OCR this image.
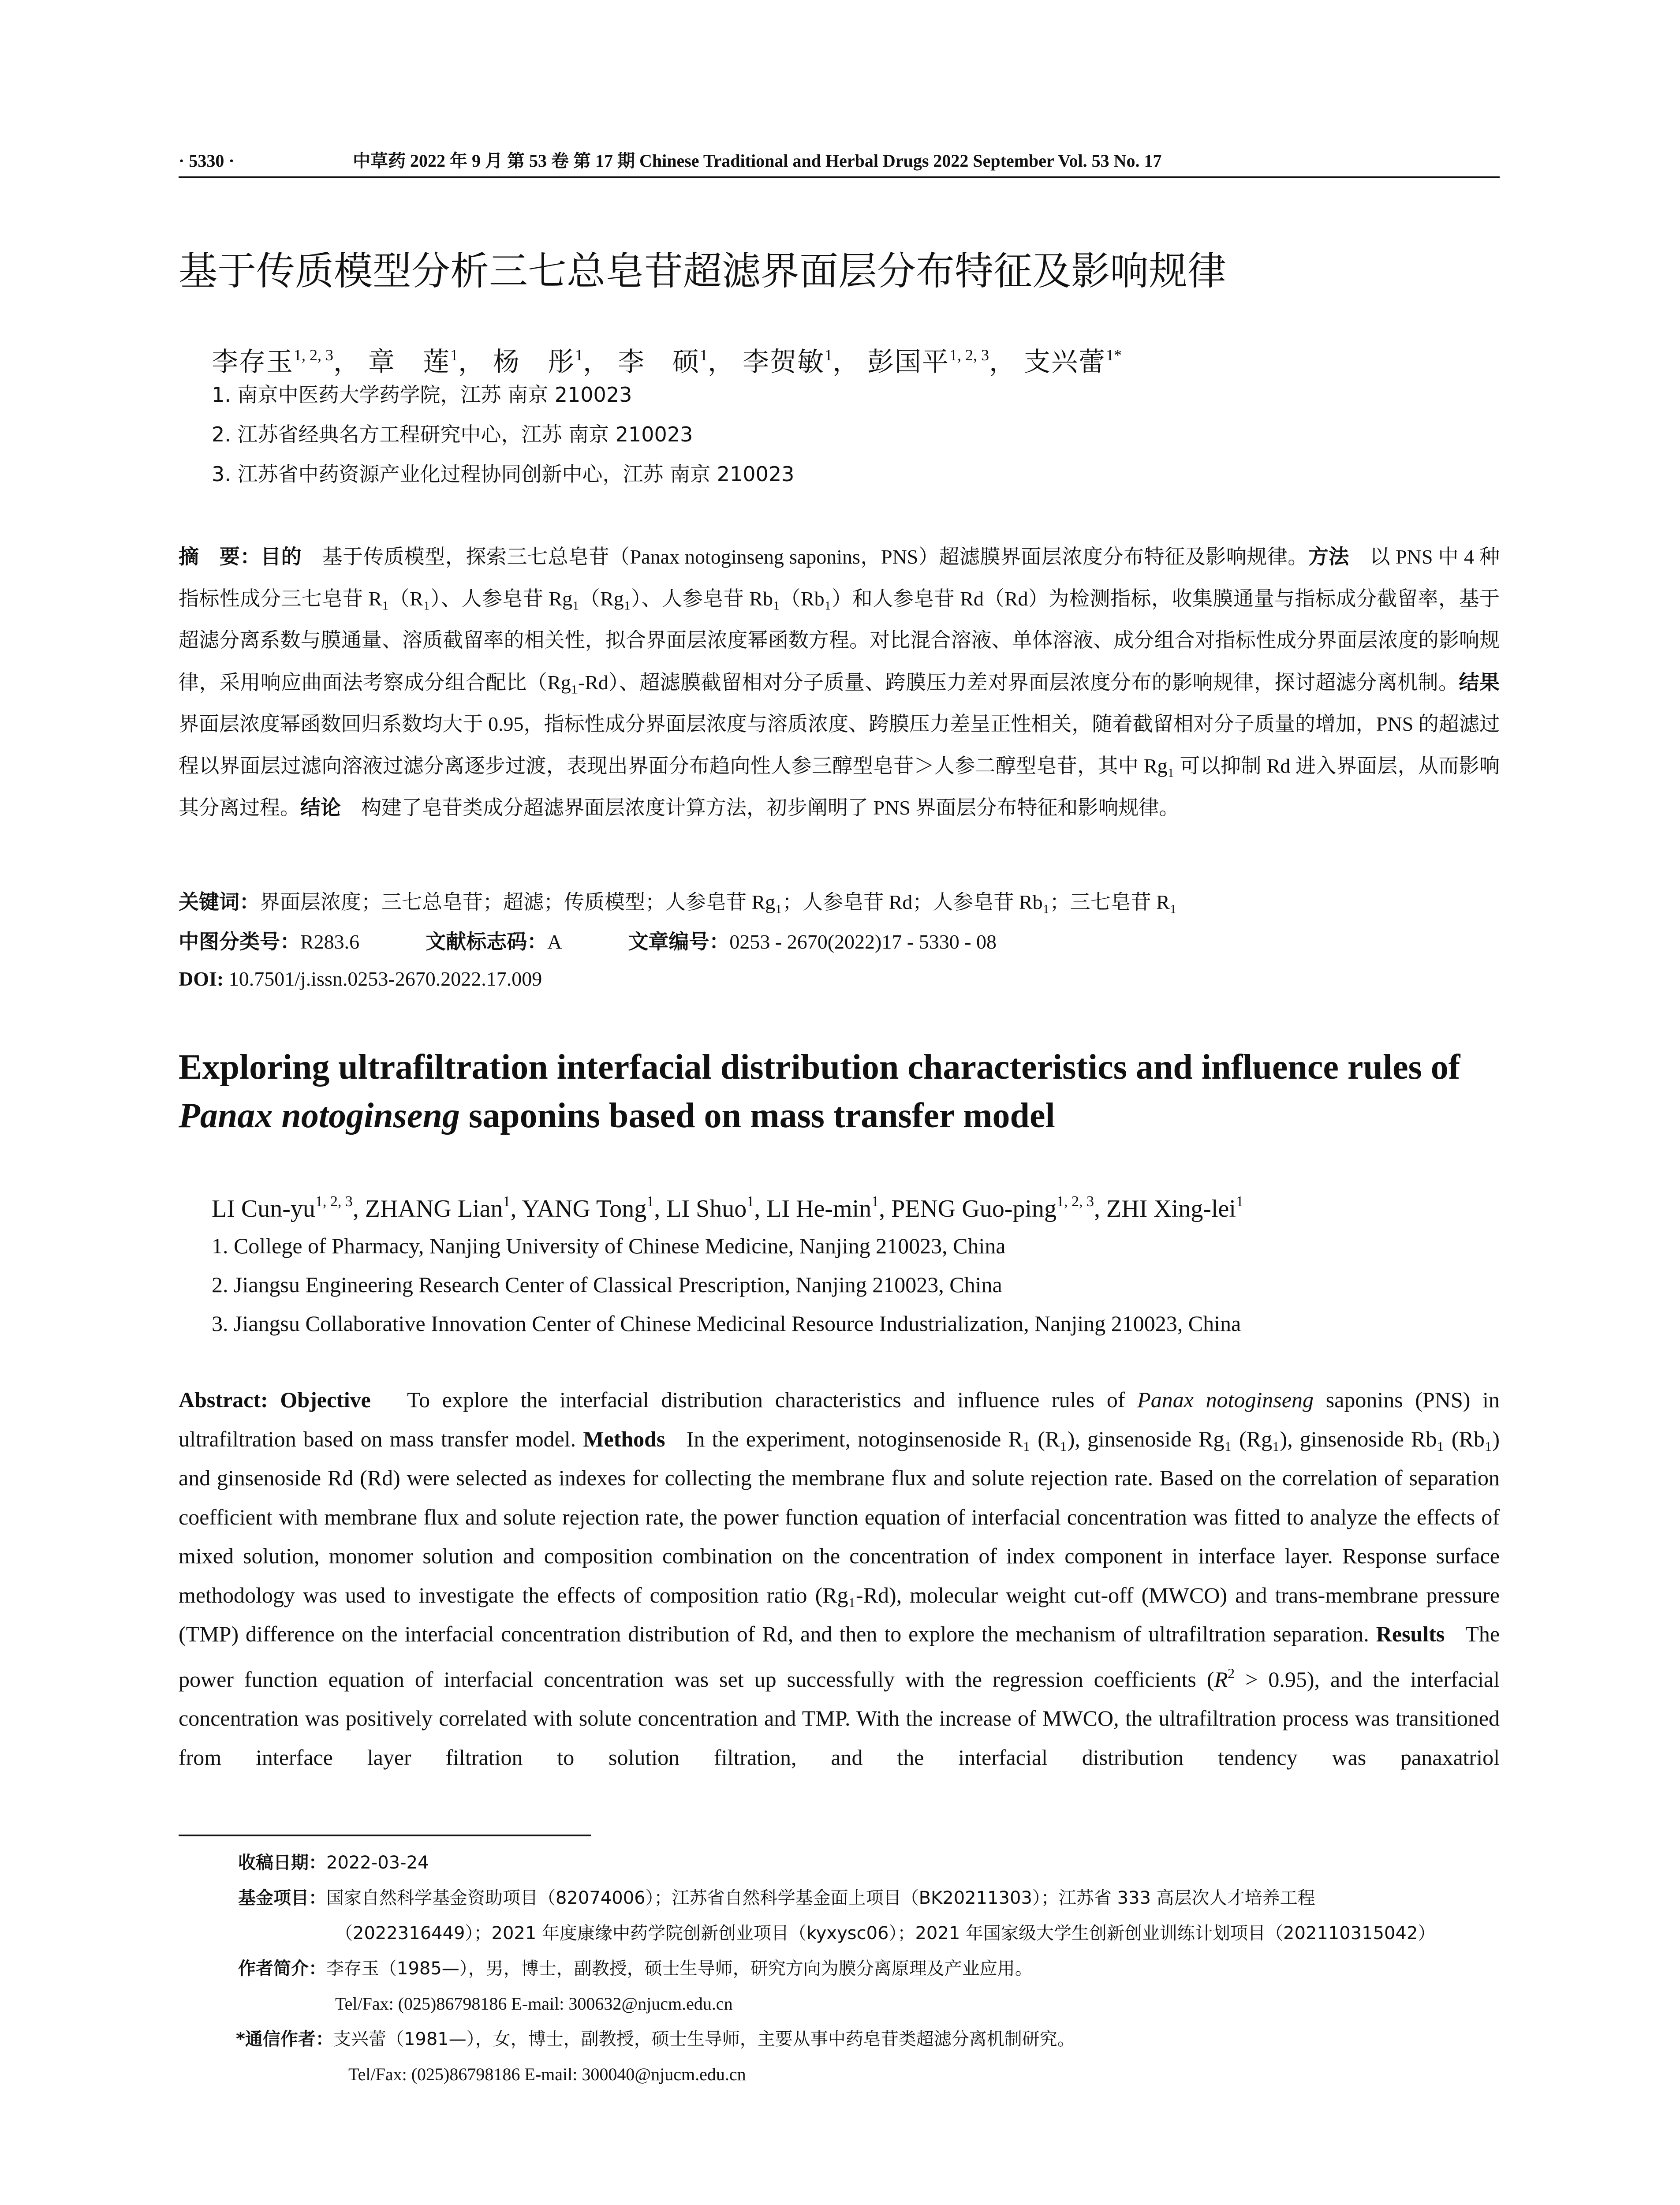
· 5330 ·	中草药 2022 年 9 月 第 53 卷 第 17 期 Chinese Traditional and Herbal Drugs 2022 September Vol. 53 No. 17
基于传质模型分析三七总皂苷超滤界面层分布特征及影响规律
李存玉$^{1, 2, 3}$， 章　莲$^1$， 杨　彤$^1$， 李　硕$^1$， 李贺敏$^1$， 彭国平$^{1, 2, 3}$， 支兴蕾$^{1*}$
1. 南京中医药大学药学院，江苏 南京 210023
2. 江苏省经典名方工程研究中心，江苏 南京 210023
3. 江苏省中药资源产业化过程协同创新中心，江苏 南京 210023
摘　要：目的　 基于传质模型，探索三七总皂苷（Panax notoginseng saponins，PNS）超滤膜界面层浓度分布特征及影响规律。方法　 以 PNS 中 4 种指标性成分三七皂苷 R₁（R₁）、人参皂苷 Rg₁（Rg₁）、人参皂苷 Rb₁（Rb₁）和人参皂苷 Rd（Rd）为检测指标，收集膜通量与指标成分截留率，基于超滤分离系数与膜通量、溶质截留率的相关性，拟合界面层浓度幂函数方程。对比混合溶液、单体溶液、成分组合对指标性成分界面层浓度的影响规律，采用响应曲面法考察成分组合配比（Rg₁-Rd）、超滤膜截留相对分子质量、跨膜压力差对界面层浓度分布的影响规律，探讨超滤分离机制。结果　界面层浓度幂函数回归系数均大于 0.95，指标性成分界面层浓度与溶质浓度、跨膜压力差呈正性相关，随着截留相对分子质量的增加，PNS 的超滤过程以界面层过滤向溶液过滤分离逐步过渡，表现出界面分布趋向性人参三醇型皂苷＞人参二醇型皂苷，其中 Rg₁ 可以抑制 Rd 进入界面层，从而影响其分离过程。结论　 构建了皂苷类成分超滤界面层浓度计算方法，初步阐明了 PNS 界面层分布特征和影响规律。
关键词：界面层浓度；三七总皂苷；超滤；传质模型；人参皂苷 Rg₁；人参皂苷 Rd；人参皂苷 Rb₁；三七皂苷 R₁
中图分类号：R283.6	文献标志码：A	文章编号：0253 - 2670(2022)17 - 5330 - 08
DOI: 10.7501/j.issn.0253-2670.2022.17.009
Exploring ultrafiltration interfacial distribution characteristics and influence rules of Panax notoginseng saponins based on mass transfer model
LI Cun-yu$^{1, 2, 3}$, ZHANG Lian$^1$, YANG Tong$^1$, LI Shuo$^1$, LI $He-\min^1$, PENG Guo-ping$^{1, 2, 3}$, ZHI Xing-lei$^1$
1. College of Pharmacy, Nanjing University of Chinese Medicine, Nanjing 210023, China
2. Jiangsu Engineering Research Center of Classical Prescription, Nanjing 210023, China
3. Jiangsu Collaborative Innovation Center of Chinese Medicinal Resource Industrialization, Nanjing 210023, China
Abstract: Objective To explore the interfacial distribution characteristics and influence rules of Panax notoginseng saponins (PNS) in ultrafiltration based on mass transfer model. Methods In the experiment, notoginsenoside R₁ (R₁), ginsenoside Rg₁ (Rg₁), ginsenoside Rb₁ (Rb₁) and ginsenoside Rd (Rd) were selected as indexes for collecting the membrane flux and solute rejection rate. Based on the correlation of separation coefficient with membrane flux and solute rejection rate, the power function equation of interfacial concentration was fitted to analyze the effects of mixed solution, monomer solution and composition combination on the concentration of index component in interface layer. Response surface methodology was used to investigate the effects of composition ratio (Rg₁-Rd), molecular weight cut-off (MWCO) and trans-membrane pressure (TMP) difference on the interfacial concentration distribution of Rd, and then to explore the mechanism of ultrafiltration separation. Results The power function equation of interfacial concentration was set up successfully with the regression coefficients $(R^2 > 0.95)$, and the interfacial concentration was positively correlated with solute concentration and TMP. With the increase of MWCO, the ultrafiltration process was transitioned from interface layer filtration to solution filtration, and the interfacial distribution tendency was panaxatriol
收稿日期：2022-03-24
基金项目：国家自然科学基金资助项目（82074006）；江苏省自然科学基金面上项目（BK20211303）；江苏省 333 高层次人才培养工程
（2022316449）；2021 年度康缘中药学院创新创业项目（kyxysc06）；2021 年国家级大学生创新创业训练计划项目（202110315042）
作者简介：李存玉（1985—），男，博士，副教授，硕士生导师，研究方向为膜分离原理及产业应用。
Tel/Fax: (025)86798186 E-mail: 300632@njucm.edu.cn
*通信作者：支兴蕾（1981—），女，博士，副教授，硕士生导师，主要从事中药皂苷类超滤分离机制研究。
Tel/Fax: (025)86798186 E-mail: 300040@njucm.edu.cn
